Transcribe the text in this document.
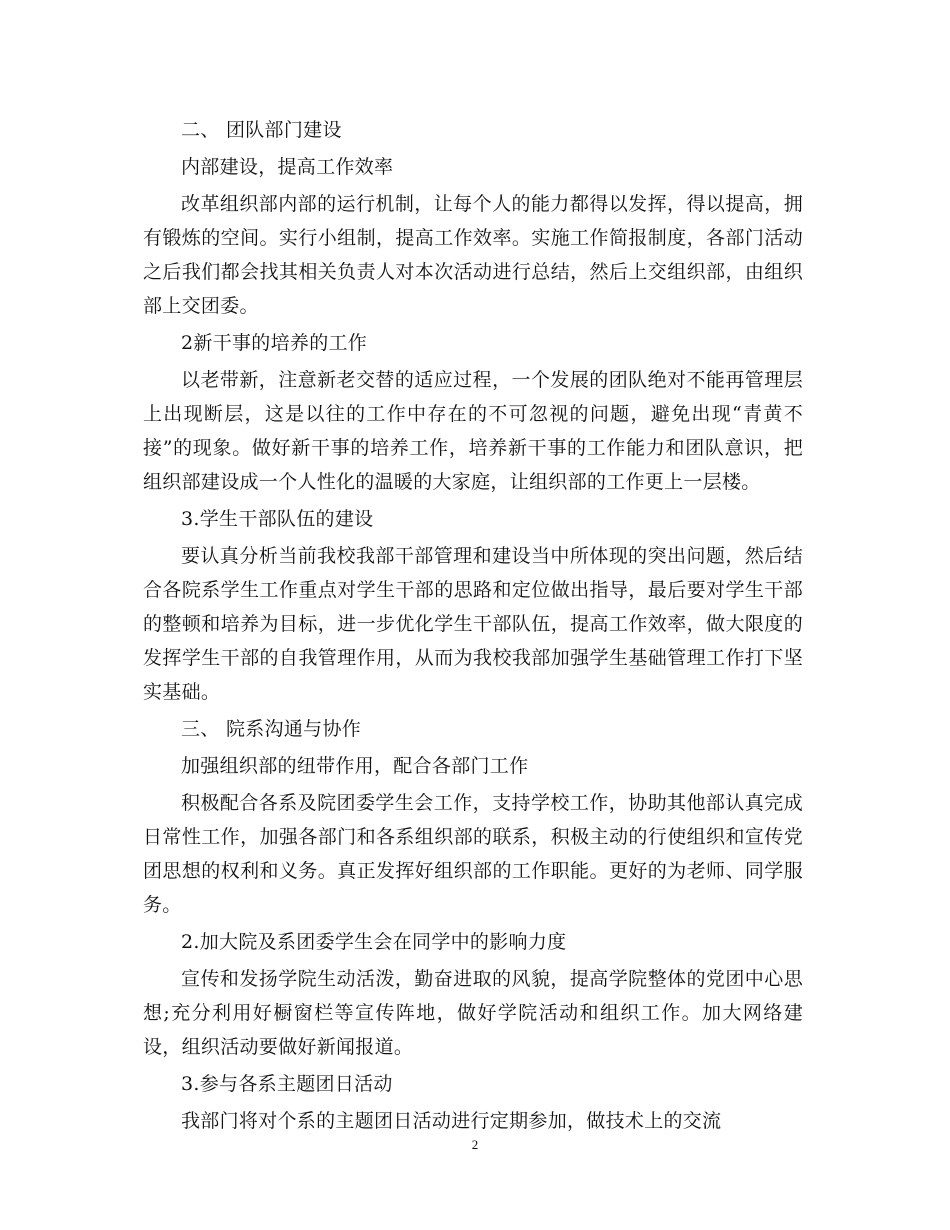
二、 团队部门建设

内部建设，提高工作效率

改革组织部内部的运行机制，让每个人的能力都得以发挥，得以提高，拥有锻炼的空间。实行小组制，提高工作效率。实施工作简报制度，各部门活动之后我们都会找其相关负责人对本次活动进行总结，然后上交组织部，由组织部上交团委。

2新干事的培养的工作

以老带新，注意新老交替的适应过程，一个发展的团队绝对不能再管理层上出现断层，这是以往的工作中存在的不可忽视的问题，避免出现“青黄不接”的现象。做好新干事的培养工作，培养新干事的工作能力和团队意识，把组织部建设成一个人性化的温暖的大家庭，让组织部的工作更上一层楼。

3.学生干部队伍的建设

要认真分析当前我校我部干部管理和建设当中所体现的突出问题，然后结合各院系学生工作重点对学生干部的思路和定位做出指导，最后要对学生干部的整顿和培养为目标，进一步优化学生干部队伍，提高工作效率，做大限度的发挥学生干部的自我管理作用，从而为我校我部加强学生基础管理工作打下坚实基础。

三、 院系沟通与协作

加强组织部的纽带作用，配合各部门工作

积极配合各系及院团委学生会工作，支持学校工作，协助其他部认真完成日常性工作，加强各部门和各系组织部的联系，积极主动的行使组织和宣传党团思想的权利和义务。真正发挥好组织部的工作职能。更好的为老师、同学服务。

2.加大院及系团委学生会在同学中的影响力度

宣传和发扬学院生动活泼，勤奋进取的风貌，提高学院整体的党团中心思想;充分利用好橱窗栏等宣传阵地，做好学院活动和组织工作。加大网络建设，组织活动要做好新闻报道。

3.参与各系主题团日活动

我部门将对个系的主题团日活动进行定期参加，做技术上的交流

2
